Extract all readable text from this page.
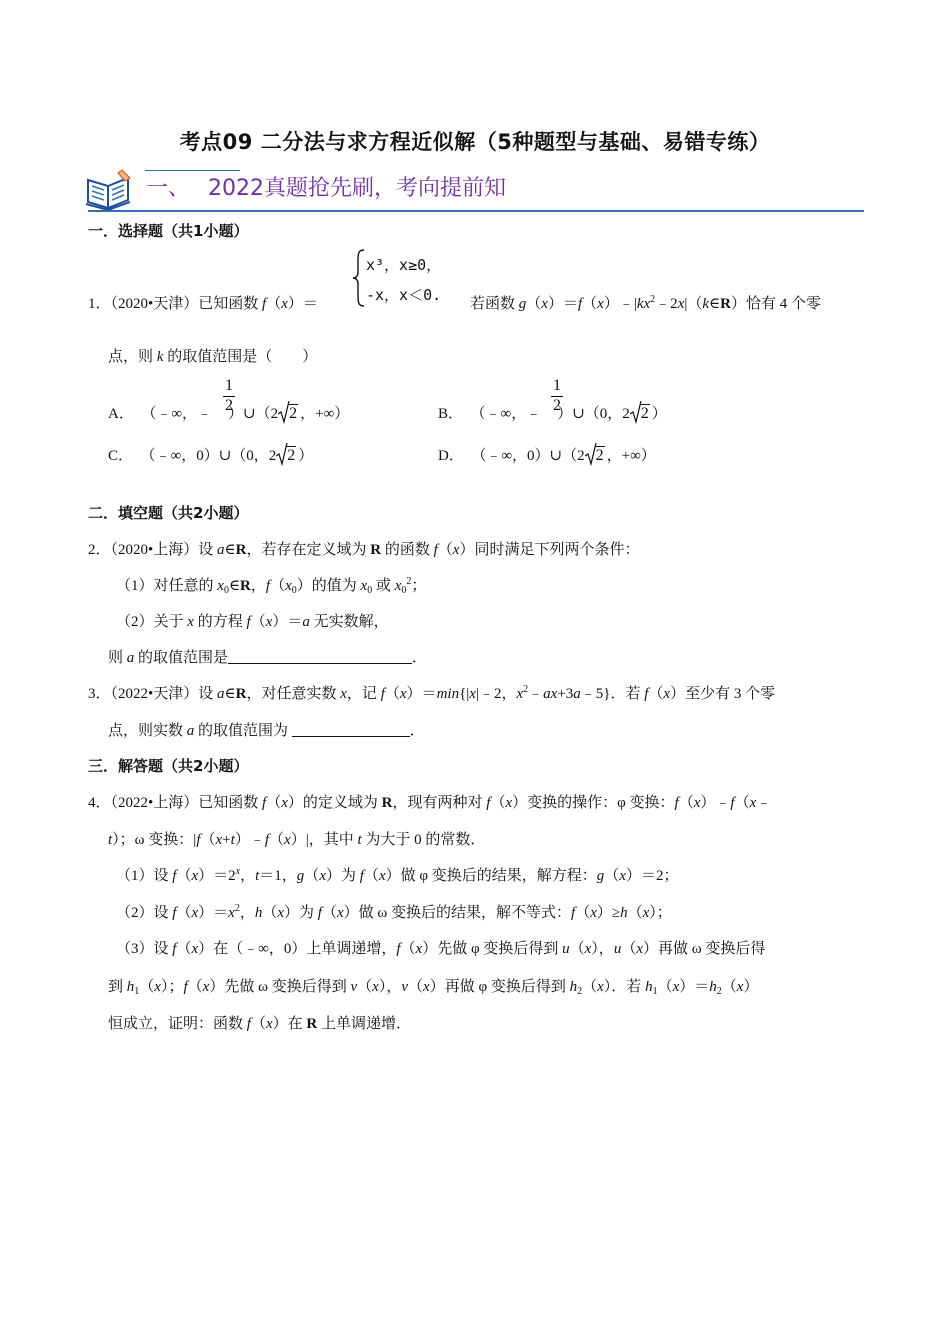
考点09 二分法与求方程近似解（5种题型与基础、易错专练）
一、 2022真题抢先刷，考向提前知
一．选择题（共1小题）
x³，x≥0，
-x，x＜0.
1．（2020•天津）已知函数 f（x）＝	若函数 $g(x)=f(x)﹣|kx^2﹣2x|(k\in R)$恰有 4 个零
点，则 k 的取值范围是（　　）
A． （﹣∞，﹣ ）∪（2 2 ，+∞）
1
2	B． （﹣∞，﹣ ）∪（0，2 2 ）
1
2
C． （﹣∞，0）∪（0，2 2 ）	D． （﹣∞，0）∪（2 2 ，+∞）
二．填空题（共2小题）
2．（2020•上海）设 a∈R，若存在定义域为 R 的函数 f（x）同时满足下列两个条件：
（1）对任意的 $x_0\in R$，$f(x_0)$的值为 $x_0$ 或 $x_0^2$；
（2）关于 x 的方程 f（x）＝a 无实数解，
则 a 的取值范围是	．
3．（2022•天津）设 a∈R，对任意实数 x，记 f（x）＝min{|x|﹣2，$x^2﹣ax+3a﹣5$}．若 f（x）至少有 3 个零
点，则实数 a 的取值范围为	．
三．解答题（共2小题）
4．（2022•上海）已知函数 f（x）的定义域为 R，现有两种对 f（x）变换的操作：φ 变换：f（x）﹣f（x﹣
t）；ω 变换：|f（x+t）﹣f（x）|，其中 t 为大于 0 的常数．
（1）设 $f(x)=2^x$，t＝1，g（x）为 f（x）做 φ 变换后的结果，解方程：g（x）＝2；
（2）设 $f(x)=x^2$，h（x）为 f（x）做 ω 变换后的结果，解不等式：f（x）≥h（x）；
（3）设 f（x）在（﹣∞，0）上单调递增，f（x）先做 φ 变换后得到 u（x），u（x）再做 ω 变换后得
到 $h_1(x)$；f（x）先做 ω 变换后得到 v（x），v（x）再做 φ 变换后得到 $h_2(x)$．若 $h_1(x)=h_2(x)$
恒成立，证明：函数 f（x）在 R 上单调递增．
